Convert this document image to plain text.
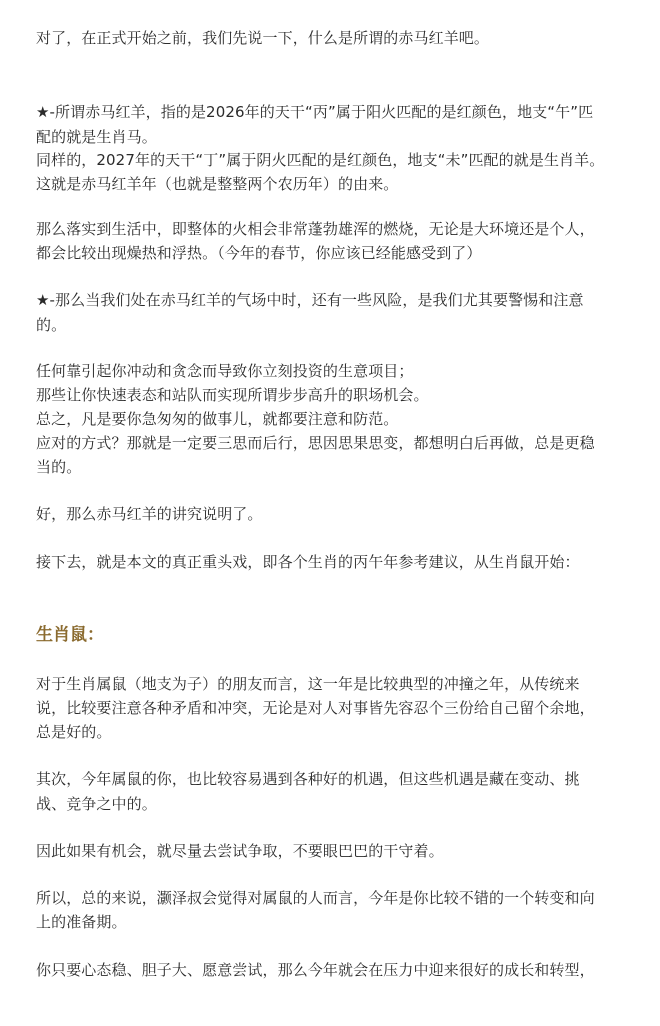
对了，在正式开始之前，我们先说一下，什么是所谓的赤马红羊吧。
★-所谓赤马红羊，指的是2026年的天干“丙”属于阳火匹配的是红颜色，地支“午”匹
配的就是生肖马。
同样的，2027年的天干“丁”属于阴火匹配的是红颜色，地支“未”匹配的就是生肖羊。
这就是赤马红羊年（也就是整整两个农历年）的由来。
那么落实到生活中，即整体的火相会非常蓬勃雄浑的燃烧，无论是大环境还是个人，
都会比较出现燥热和浮热。（今年的春节，你应该已经能感受到了）
★-那么当我们处在赤马红羊的气场中时，还有一些风险，是我们尤其要警惕和注意
的。
任何靠引起你冲动和贪念而导致你立刻投资的生意项目；
那些让你快速表态和站队而实现所谓步步高升的职场机会。
总之，凡是要你急匆匆的做事儿，就都要注意和防范。
应对的方式？那就是一定要三思而后行，思因思果思变，都想明白后再做，总是更稳
当的。
好，那么赤马红羊的讲究说明了。
接下去，就是本文的真正重头戏，即各个生肖的丙午年参考建议，从生肖鼠开始：
生肖鼠：
对于生肖属鼠（地支为子）的朋友而言，这一年是比较典型的冲撞之年，从传统来
说，比较要注意各种矛盾和冲突，无论是对人对事皆先容忍个三份给自己留个余地，
总是好的。
其次，今年属鼠的你，也比较容易遇到各种好的机遇，但这些机遇是藏在变动、挑
战、竞争之中的。
因此如果有机会，就尽量去尝试争取，不要眼巴巴的干守着。
所以，总的来说，灏泽叔会觉得对属鼠的人而言，今年是你比较不错的一个转变和向
上的准备期。
你只要心态稳、胆子大、愿意尝试，那么今年就会在压力中迎来很好的成长和转型，
